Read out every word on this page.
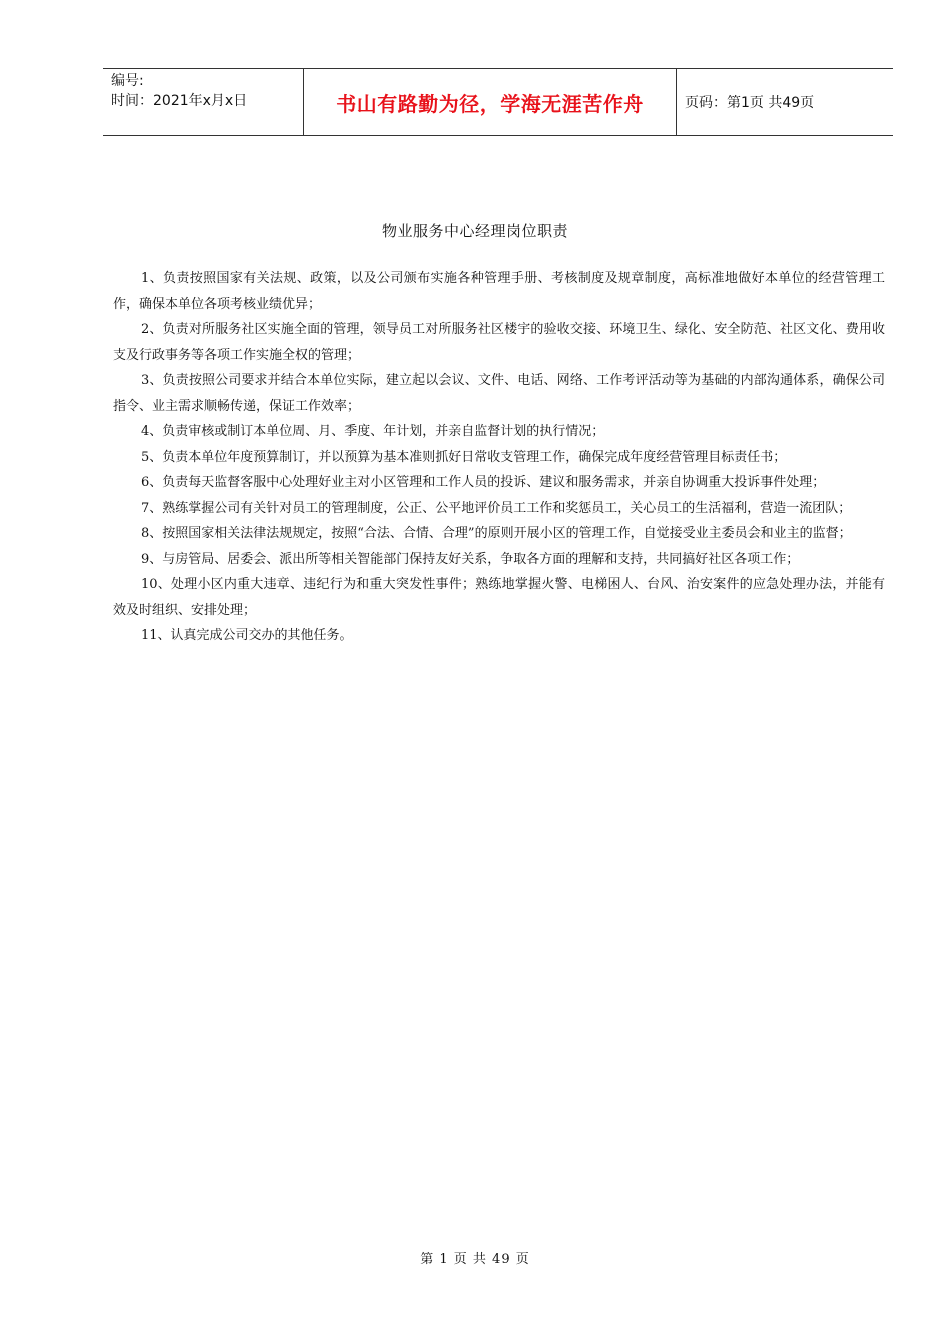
编号:
时间：2021年x月x日	书山有路勤为径，学海无涯苦作舟	页码：第1页 共49页
物业服务中心经理岗位职责

1、负责按照国家有关法规、政策，以及公司颁布实施各种管理手册、考核制度及规章制度，高标准地做好本单位的经营管理工作，确保本单位各项考核业绩优异；

2、负责对所服务社区实施全面的管理，领导员工对所服务社区楼宇的验收交接、环境卫生、绿化、安全防范、社区文化、费用收支及行政事务等各项工作实施全权的管理；

3、负责按照公司要求并结合本单位实际，建立起以会议、文件、电话、网络、工作考评活动等为基础的内部沟通体系，确保公司指令、业主需求顺畅传递，保证工作效率；

4、负责审核或制订本单位周、月、季度、年计划，并亲自监督计划的执行情况；

5、负责本单位年度预算制订，并以预算为基本准则抓好日常收支管理工作，确保完成年度经营管理目标责任书；

6、负责每天监督客服中心处理好业主对小区管理和工作人员的投诉、建议和服务需求，并亲自协调重大投诉事件处理；

7、熟练掌握公司有关针对员工的管理制度，公正、公平地评价员工工作和奖惩员工，关心员工的生活福利，营造一流团队；

8、按照国家相关法律法规规定，按照“合法、合情、合理”的原则开展小区的管理工作，自觉接受业主委员会和业主的监督；

9、与房管局、居委会、派出所等相关智能部门保持友好关系，争取各方面的理解和支持，共同搞好社区各项工作；

10、处理小区内重大违章、违纪行为和重大突发性事件；熟练地掌握火警、电梯困人、台风、治安案件的应急处理办法，并能有效及时组织、安排处理；

11、认真完成公司交办的其他任务。

第 1 页 共 49 页
